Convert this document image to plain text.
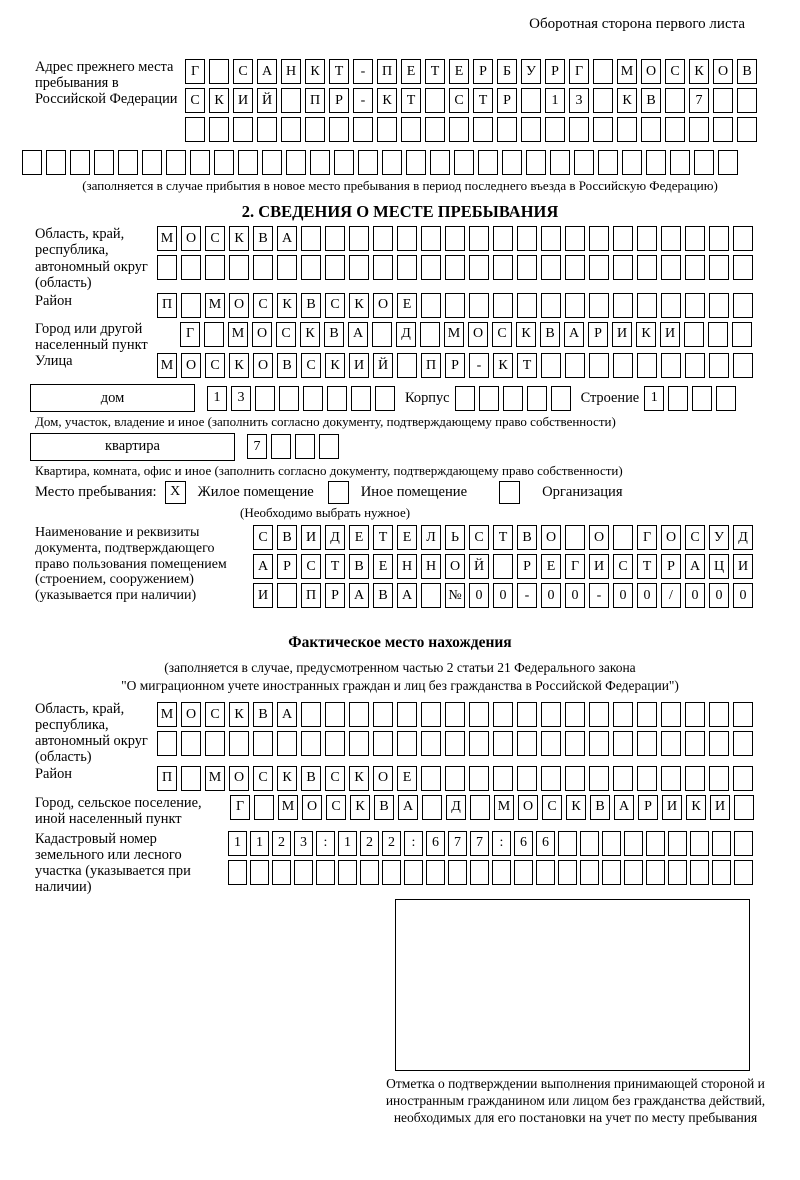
Оборотная сторона первого листа
Адрес прежнего места пребывания в Российской Федерации
Г	С	А Н	К	Т	-	П	Е	Т	Е	Р	Б	У	Р	Г	М О	С	К	О	В
С	К	И Й	П	Р	-	К	Т	С	Т	Р	1	3	К	В	7
(заполняется в случае прибытия в новое место пребывания в период последнего въезда в Российскую Федерацию)
2. СВЕДЕНИЯ О МЕСТЕ ПРЕБЫВАНИЯ
Область, край, республика, автономный округ (область)
М О	С	К	В	А
Район	П	М О	С	К	В	С	К	О	Е
Город или другой населенный пункт
Г	М О	С	К	В	А	Д	М О	С	К	В	А	Р	И	К	И
Улица	М О	С	К	О	В	С	К	И Й	П	Р	-	К	Т
дом	1	3	Корпус	Строение 1
Дом, участок, владение и иное (заполнить согласно документу, подтверждающему право собственности)
квартира	7
Квартира, комната, офис и иное (заполнить согласно документу, подтверждающему право собственности)
Место пребывания: X	Жилое помещение	Иное помещение	Организация
(Необходимо выбрать нужное)
Наименование и реквизиты документа, подтверждающего право пользования помещением (строением, сооружением) (указывается при наличии)
С	В	И	Д	Е	Т	Е	Л	Ь	С	Т	В	О	О	Г	О	С	У	Д
А	Р	С	Т	В	Е	Н Н О Й	Р	Е	Г	И	С	Т	Р	А Ц И
И	П	Р	А	В	А	№ 0	0	-	0	0	-	0	0	/	0	0	0
Фактическое место нахождения
(заполняется в случае, предусмотренном частью 2 статьи 21 Федерального закона
"О миграционном учете иностранных граждан и лиц без гражданства в Российской Федерации")
Область, край, республика, автономный округ (область)
М О	С	К	В	А
Район	П	М О	С	К	В	С	К	О	Е
Город, сельское поселение, иной населенный пункт
Г	М О	С	К	В	А	Д	М О	С	К	В	А	Р	И	К	И
Кадастровый номер земельного или лесного участка (указывается при наличии)
1	1	2	3	:	1	2	2	:	6	7	7	:	6	6
Отметка о подтверждении выполнения принимающей стороной и иностранным гражданином или лицом без гражданства действий, необходимых для его постановки на учет по месту пребывания
